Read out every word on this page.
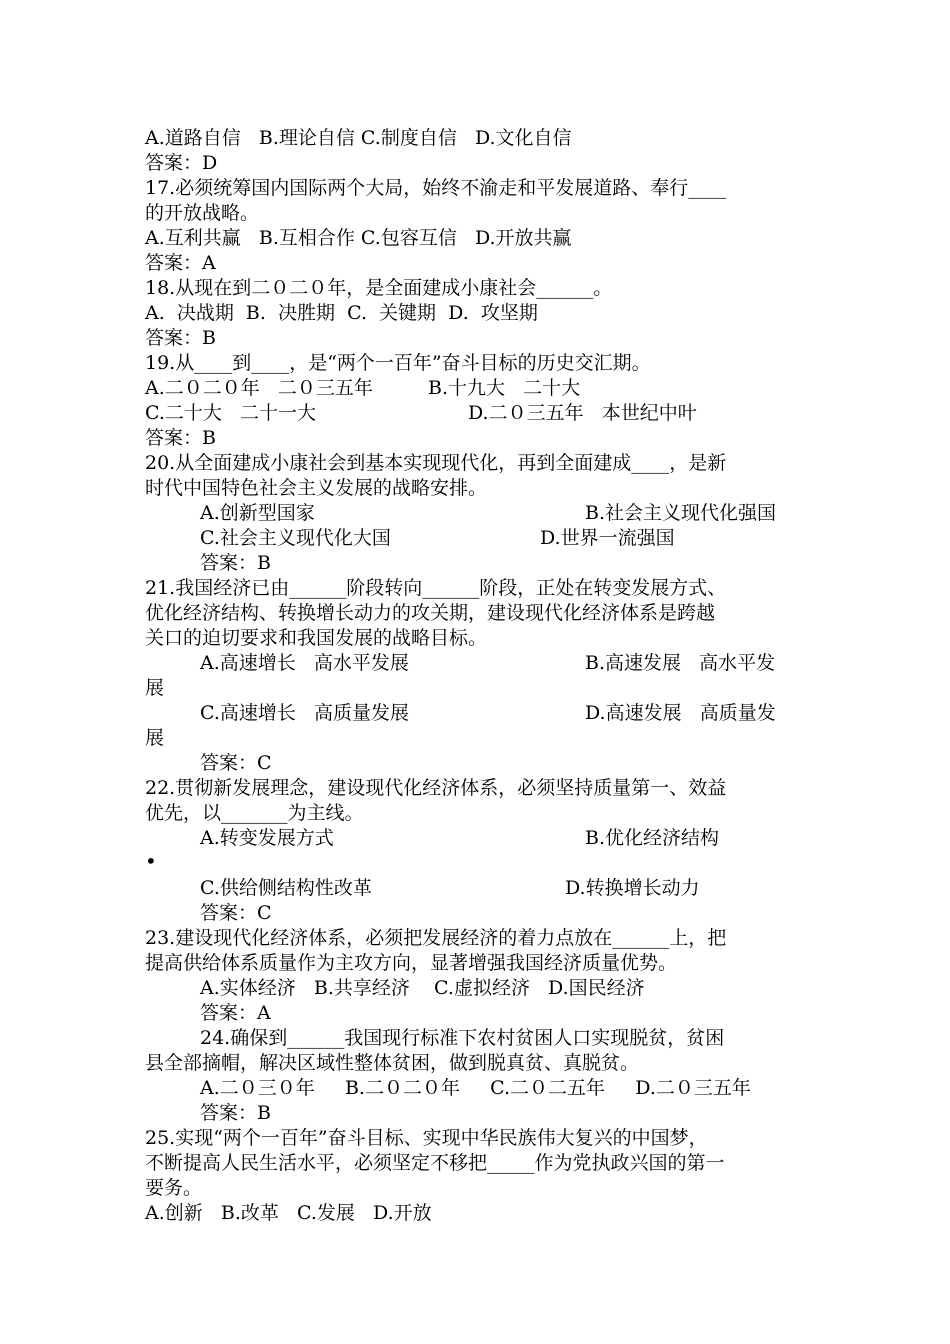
A.道路自信   B.理论自信 C.制度自信   D.文化自信
答案：D
17.必须统筹国内国际两个大局，始终不渝走和平发展道路、奉行____
的开放战略。
A.互利共赢   B.互相合作 C.包容互信   D.开放共赢
答案：A
18.从现在到二０二０年，是全面建成小康社会______。
A.  决战期  B.  决胜期  C.  关键期  D.  攻坚期
答案：B
19.从____到____，是“两个一百年”奋斗目标的历史交汇期。
A.二０二０年   二０三五年	B.十九大   二十大
C.二十大   二十一大	D.二０三五年   本世纪中叶
答案：B
20.从全面建成小康社会到基本实现现代化，再到全面建成____，是新
时代中国特色社会主义发展的战略安排。
A.创新型国家	B.社会主义现代化强国
C.社会主义现代化大国	D.世界一流强国
答案：B
21.我国经济已由______阶段转向______阶段，正处在转变发展方式、
优化经济结构、转换增长动力的攻关期，建设现代化经济体系是跨越
关口的迫切要求和我国发展的战略目标。
A.高速增长   高水平发展	B.高速发展   高水平发
展
C.高速增长   高质量发展	D.高速发展   高质量发
展
答案：C
22.贯彻新发展理念，建设现代化经济体系，必须坚持质量第一、效益
优先，以_______为主线。
A.转变发展方式	B.优化经济结构
•
C.供给侧结构性改革	D.转换增长动力
答案：C
23.建设现代化经济体系，必须把发展经济的着力点放在______上，把
提高供给体系质量作为主攻方向，显著增强我国经济质量优势。
A.实体经济   B.共享经济    C.虚拟经济   D.国民经济
答案：A
24.确保到______我国现行标准下农村贫困人口实现脱贫，贫困
县全部摘帽，解决区域性整体贫困，做到脱真贫、真脱贫。
A.二０三０年     B.二０二０年     C.二０二五年     D.二０三五年
答案：B
25.实现“两个一百年”奋斗目标、实现中华民族伟大复兴的中国梦，
不断提高人民生活水平，必须坚定不移把_____作为党执政兴国的第一
要务。
A.创新   B.改革   C.发展   D.开放
